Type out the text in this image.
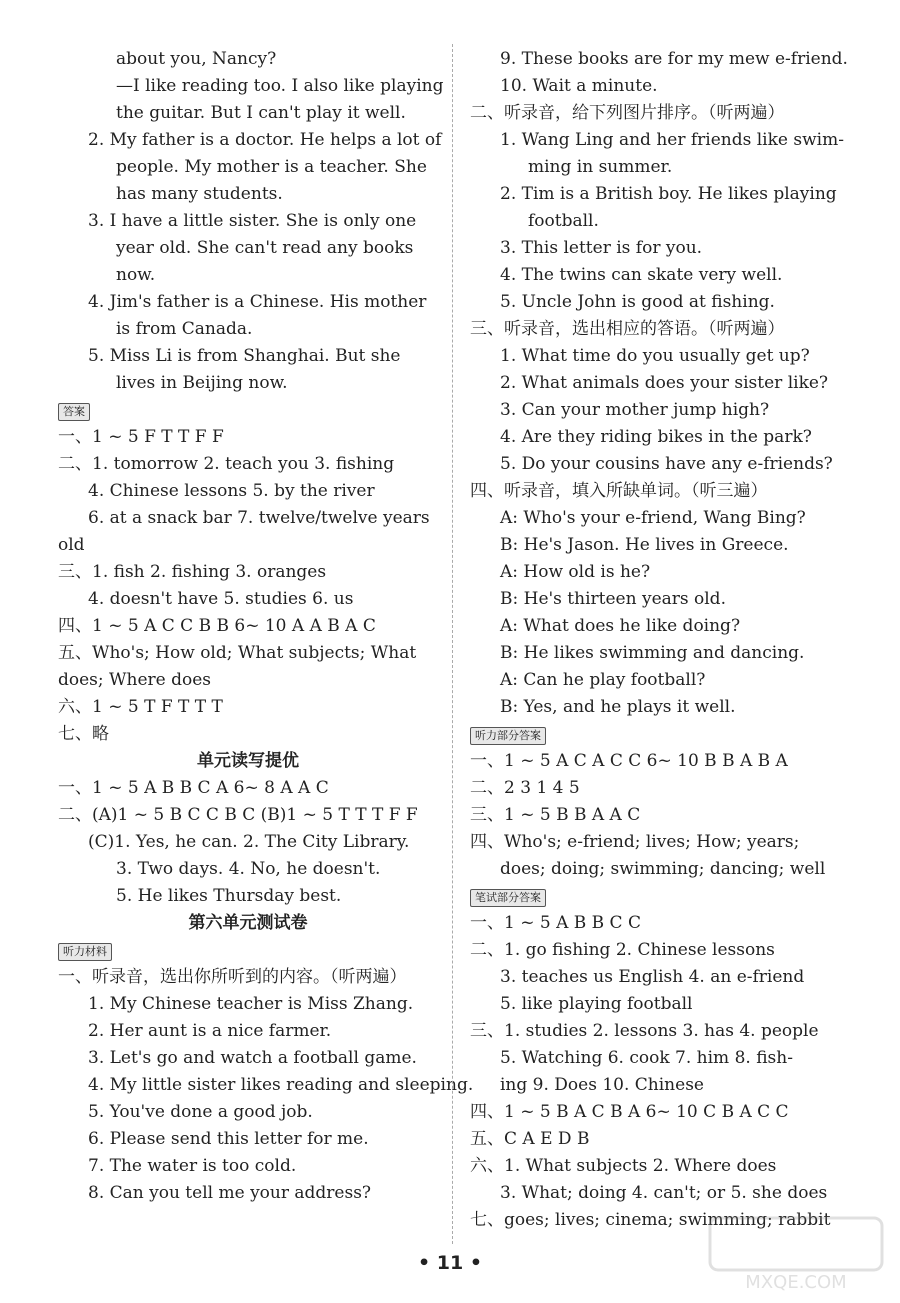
about you, Nancy?
—I like reading too. I also like playing
the guitar. But I can't play it well.
2. My father is a doctor. He helps a lot of
people. My mother is a teacher. She
has many students.
3. I have a little sister. She is only one
year old. She can't read any books
now.
4. Jim's father is a Chinese. His mother
is from Canada.
5. Miss Li is from Shanghai. But she
lives in Beijing now.
答案
一、1 ~ 5 F T T F F
二、1. tomorrow 2. teach you 3. fishing
4. Chinese lessons 5. by the river
6. at a snack bar 7. twelve/twelve years
old
三、1. fish 2. fishing 3. oranges
4. doesn't have 5. studies 6. us
四、1 ~ 5 A C C B B 6~ 10 A A B A C
五、Who's; How old; What subjects; What
does; Where does
六、1 ~ 5 T F T T T
七、略
单元读写提优
一、1 ~ 5 A B B C A 6~ 8 A A C
二、(A)1 ~ 5 B C C B C (B)1 ~ 5 T T T F F
(C)1. Yes, he can. 2. The City Library.
3. Two days. 4. No, he doesn't.
5. He likes Thursday best.
第六单元测试卷
听力材料
一、听录音，选出你所听到的内容。（听两遍）
1. My Chinese teacher is Miss Zhang.
2. Her aunt is a nice farmer.
3. Let's go and watch a football game.
4. My little sister likes reading and sleeping.
5. You've done a good job.
6. Please send this letter for me.
7. The water is too cold.
8. Can you tell me your address?
9. These books are for my mew e-friend.
10. Wait a minute.
二、听录音，给下列图片排序。（听两遍）
1. Wang Ling and her friends like swim-
ming in summer.
2. Tim is a British boy. He likes playing
football.
3. This letter is for you.
4. The twins can skate very well.
5. Uncle John is good at fishing.
三、听录音，选出相应的答语。（听两遍）
1. What time do you usually get up?
2. What animals does your sister like?
3. Can your mother jump high?
4. Are they riding bikes in the park?
5. Do your cousins have any e-friends?
四、听录音，填入所缺单词。（听三遍）
A: Who's your e-friend, Wang Bing?
B: He's Jason. He lives in Greece.
A: How old is he?
B: He's thirteen years old.
A: What does he like doing?
B: He likes swimming and dancing.
A: Can he play football?
B: Yes, and he plays it well.
听力部分答案
一、1 ~ 5 A C A C C 6~ 10 B B A B A
二、2 3 1 4 5
三、1 ~ 5 B B A A C
四、Who's; e-friend; lives; How; years;
does; doing; swimming; dancing; well
笔试部分答案
一、1 ~ 5 A B B C C
二、1. go fishing 2. Chinese lessons
3. teaches us English 4. an e-friend
5. like playing football
三、1. studies 2. lessons 3. has 4. people
5. Watching 6. cook 7. him 8. fish-
ing 9. Does 10. Chinese
四、1 ~ 5 B A C B A 6~ 10 C B A C C
五、C A E D B
六、1. What subjects 2. Where does
3. What; doing 4. can't; or 5. she does
七、goes; lives; cinema; swimming; rabbit
• 11 •
MXQE.COM
